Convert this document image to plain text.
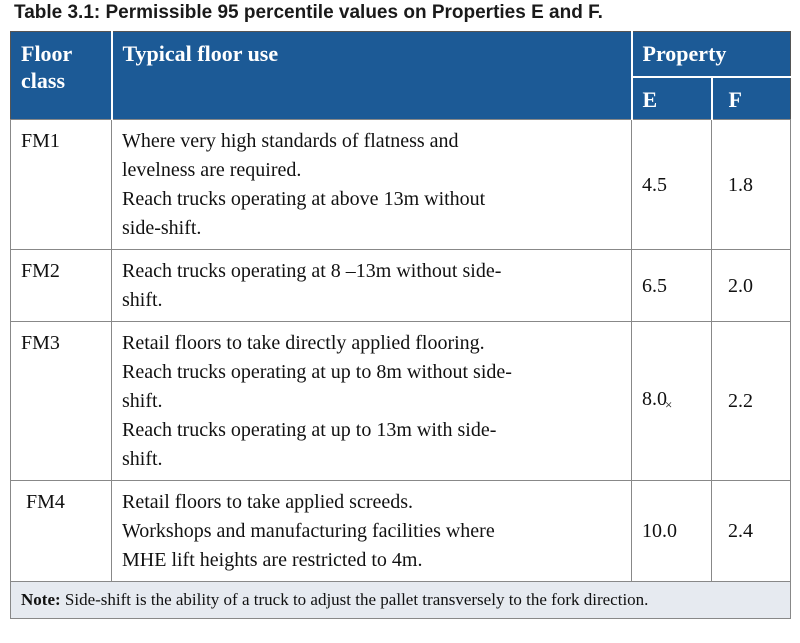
Table 3.1: Permissible 95 percentile values on Properties E and F.
Floor class	Typical floor use	Property	
		E	F
FM1	Where very high standards of flatness and
levelness are required.
Reach trucks operating at above 13m without
side-shift.	4.5	1.8
FM2	Reach trucks operating at 8 –13m without side-
shift.	6.5	2.0
FM3	Retail floors to take directly applied flooring.
Reach trucks operating at up to 8m without side-
shift.
Reach trucks operating at up to 13m with side-
shift.	$8.0_\times$	2.2
FM4	Retail floors to take applied screeds.
Workshops and manufacturing facilities where
MHE lift heights are restricted to 4m.	10.0	2.4
Note: Side-shift is the ability of a truck to adjust the pallet transversely to the fork direction.			
